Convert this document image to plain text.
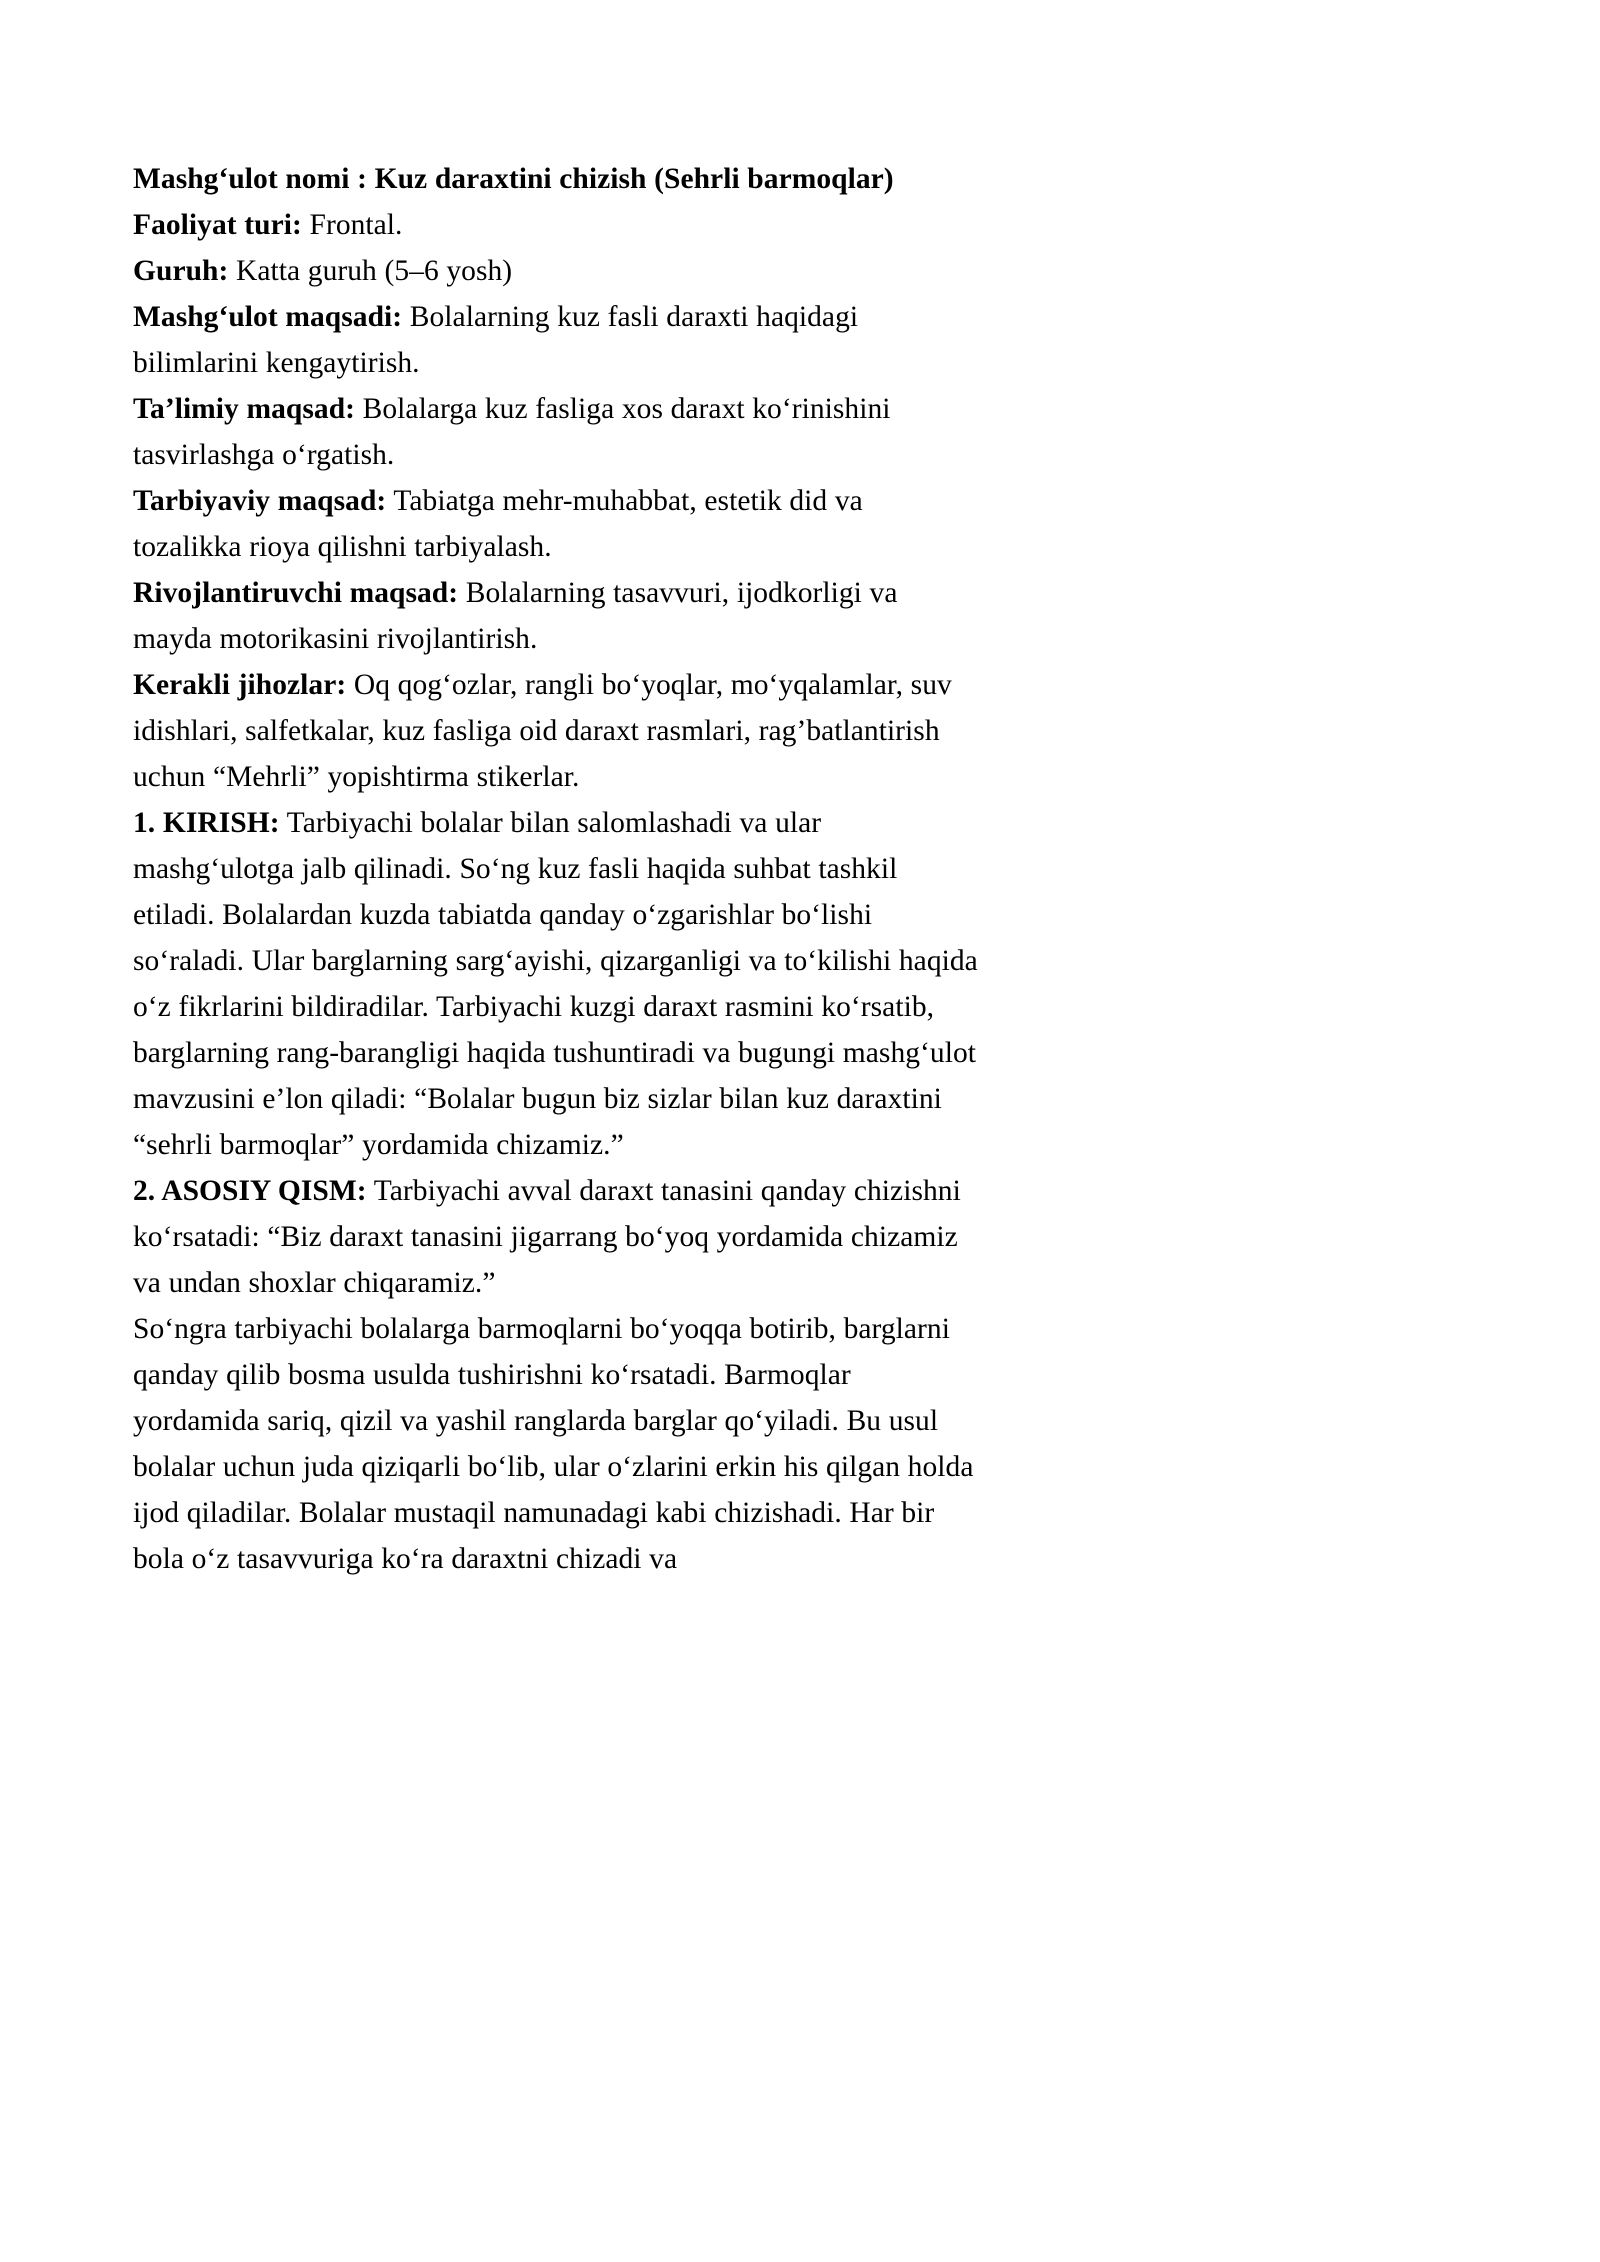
Mashg‘ulot nomi : Kuz daraxtini chizish (Sehrli barmoqlar)

Faoliyat turi: Frontal.

Guruh: Katta guruh (5–6 yosh)

Mashg‘ulot maqsadi: Bolalarning kuz fasli daraxti haqidagi bilimlarini kengaytirish.

Ta’limiy maqsad: Bolalarga kuz fasliga xos daraxt ko‘rinishini tasvirlashga o‘rgatish.

Tarbiyaviy maqsad: Tabiatga mehr-muhabbat, estetik did va tozalikka rioya qilishni tarbiyalash.

Rivojlantiruvchi maqsad: Bolalarning tasavvuri, ijodkorligi va mayda motorikasini rivojlantirish.

Kerakli jihozlar: Oq qog‘ozlar, rangli bo‘yoqlar, mo‘yqalamlar, suv idishlari, salfetkalar, kuz fasliga oid daraxt rasmlari, rag’batlantirish uchun “Mehrli” yopishtirma stikerlar.

1. KIRISH: Tarbiyachi bolalar bilan salomlashadi va ular mashg‘ulotga jalb qilinadi. So‘ng kuz fasli haqida suhbat tashkil etiladi. Bolalardan kuzda tabiatda qanday o‘zgarishlar bo‘lishi so‘raladi. Ular barglarning sarg‘ayishi, qizarganligi va to‘kilishi haqida o‘z fikrlarini bildiradilar. Tarbiyachi kuzgi daraxt rasmini ko‘rsatib, barglarning rang-barangligi haqida tushuntiradi va bugungi mashg‘ulot mavzusini e’lon qiladi: “Bolalar bugun biz sizlar bilan kuz daraxtini “sehrli barmoqlar” yordamida chizamiz.”

2. ASOSIY QISM: Tarbiyachi avval daraxt tanasini qanday chizishni ko‘rsatadi: “Biz daraxt tanasini jigarrang bo‘yoq yordamida chizamiz va undan shoxlar chiqaramiz.”

So‘ngra tarbiyachi bolalarga barmoqlarni bo‘yoqqa botirib, barglarni qanday qilib bosma usulda tushirishni ko‘rsatadi. Barmoqlar yordamida sariq, qizil va yashil ranglarda barglar qo‘yiladi. Bu usul bolalar uchun juda qiziqarli bo‘lib, ular o‘zlarini erkin his qilgan holda ijod qiladilar. Bolalar mustaqil namunadagi kabi chizishadi. Har bir bola o‘z tasavvuriga ko‘ra daraxtni chizadi va
